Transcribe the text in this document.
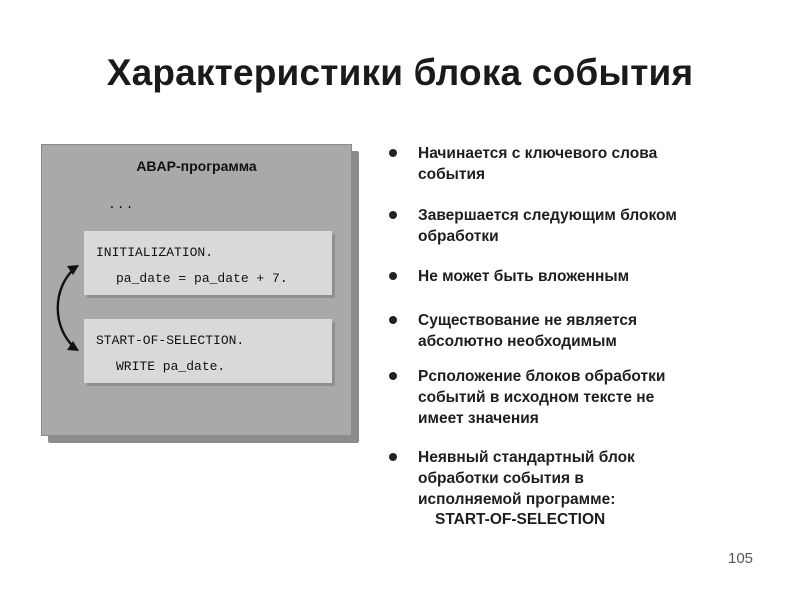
Характеристики блока события
ABAP-программа
...
INITIALIZATION.
pa_date = pa_date + 7.
START-OF-SELECTION.
WRITE pa_date.
Начинается с ключевого слова
события
Завершается следующим блоком
обработки
Не может быть вложенным
Существование не является
абсолютно необходимым
Рсположение блоков обработки
событий в исходном тексте не
имеет значения
Неявный стандартный блок
обработки события в
исполняемой программе:
START-OF-SELECTION
105
